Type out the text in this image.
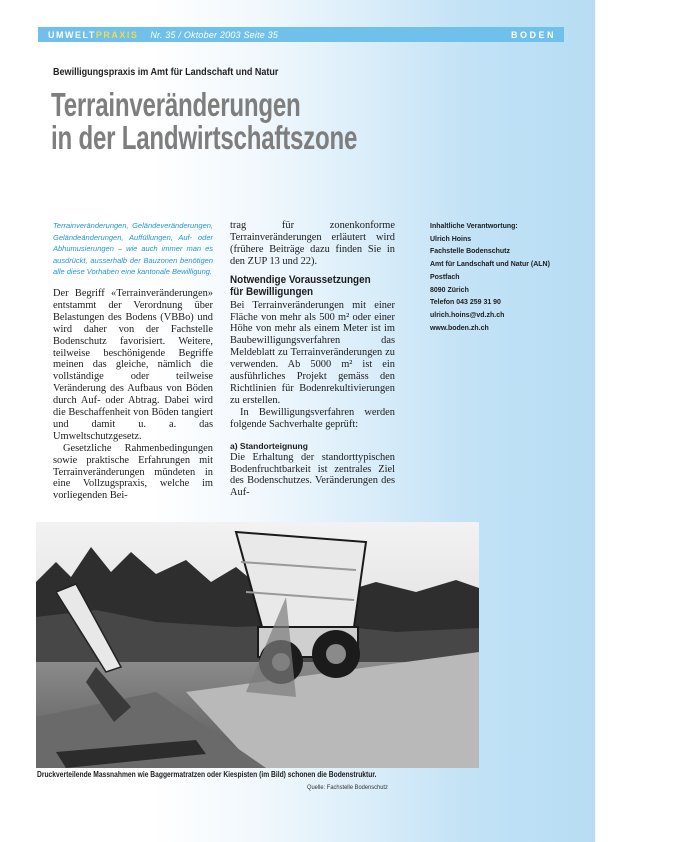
UMWELTPRAXIS Nr. 35 / Oktober 2003 Seite 35	BODEN
Bewilligungspraxis im Amt für Landschaft und Natur
Terrainveränderungen
in der Landwirtschaftszone

Terrainveränderungen, Geländeveränderungen, Geländeänderungen, Auffüllungen, Auf- oder Abhumusierungen – wie auch immer man es ausdrückt, ausserhalb der Bauzonen benötigen alle diese Vorhaben eine kantonale Bewilligung.

Der Begriff «Terrainveränderungen» entstammt der Verordnung über Belastungen des Bodens (VBBo) und wird daher von der Fachstelle Bodenschutz favorisiert. Weitere, teilweise beschönigende Begriffe meinen das gleiche, nämlich die vollständige oder teilweise Veränderung des Aufbaus von Böden durch Auf- oder Abtrag. Dabei wird die Beschaffenheit von Böden tangiert und damit u. a. das Umweltschutzgesetz.

Gesetzliche Rahmenbedingungen sowie praktische Erfahrungen mit Terrainveränderungen mündeten in eine Vollzugspraxis, welche im vorliegenden Bei-

trag für zonenkonforme Terrainveränderungen erläutert wird (frühere Beiträge dazu finden Sie in den ZUP 13 und 22).

Notwendige Voraussetzungen
für Bewilligungen

Bei Terrainveränderungen mit einer Fläche von mehr als 500 m² oder einer Höhe von mehr als einem Meter ist im Baubewilligungsverfahren das Meldeblatt zu Terrainveränderungen zu verwenden. Ab 5000 m² ist ein ausführliches Projekt gemäss den Richtlinien für Bodenrekultivierungen zu erstellen.

In Bewilligungsverfahren werden folgende Sachverhalte geprüft:

a) Standorteignung

Die Erhaltung der standorttypischen Bodenfruchtbarkeit ist zentrales Ziel des Bodenschutzes. Veränderungen des Auf-

Inhaltliche Verantwortung:
Ulrich Hoins
Fachstelle Bodenschutz
Amt für Landschaft und Natur (ALN)
Postfach
8090 Zürich
Telefon 043 259 31 90
ulrich.hoins@vd.zh.ch
www.boden.zh.ch
Druckverteilende Massnahmen wie Baggermatratzen oder Kiespisten (im Bild) schonen die Bodenstruktur.
Quelle: Fachstelle Bodenschutz
BODEN
